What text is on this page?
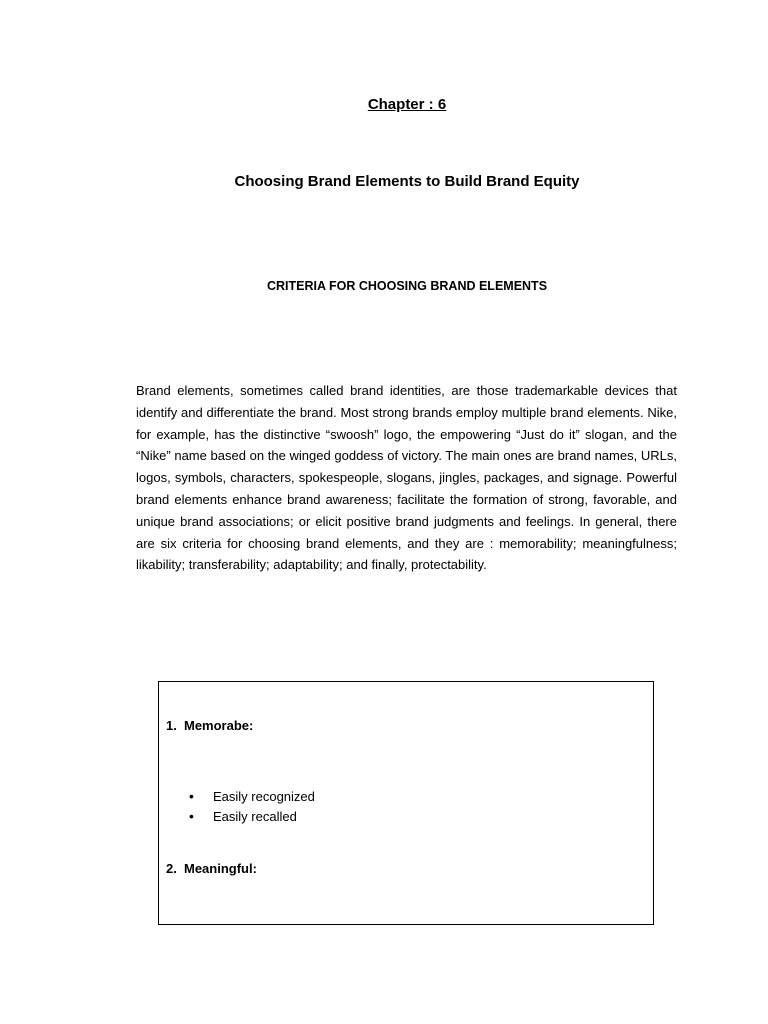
Chapter : 6
Choosing Brand Elements to Build Brand Equity
CRITERIA FOR CHOOSING BRAND ELEMENTS
Brand elements, sometimes called brand identities, are those trademarkable devices that identify and differentiate the brand. Most strong brands employ multiple brand elements. Nike, for example, has the distinctive “swoosh” logo, the empowering “Just do it” slogan, and the “Nike” name based on the winged goddess of victory. The main ones are brand names, URLs, logos, symbols, characters, spokespeople, slogans, jingles, packages, and signage. Powerful brand elements enhance brand awareness; facilitate the formation of strong, favorable, and unique brand associations; or elicit positive brand judgments and feelings. In general, there are six criteria for choosing brand elements, and they are : memorability; meaningfulness; likability; transferability; adaptability; and finally, protectability.
1. Memorabe:
• Easily recognized
• Easily recalled
2. Meaningful:
